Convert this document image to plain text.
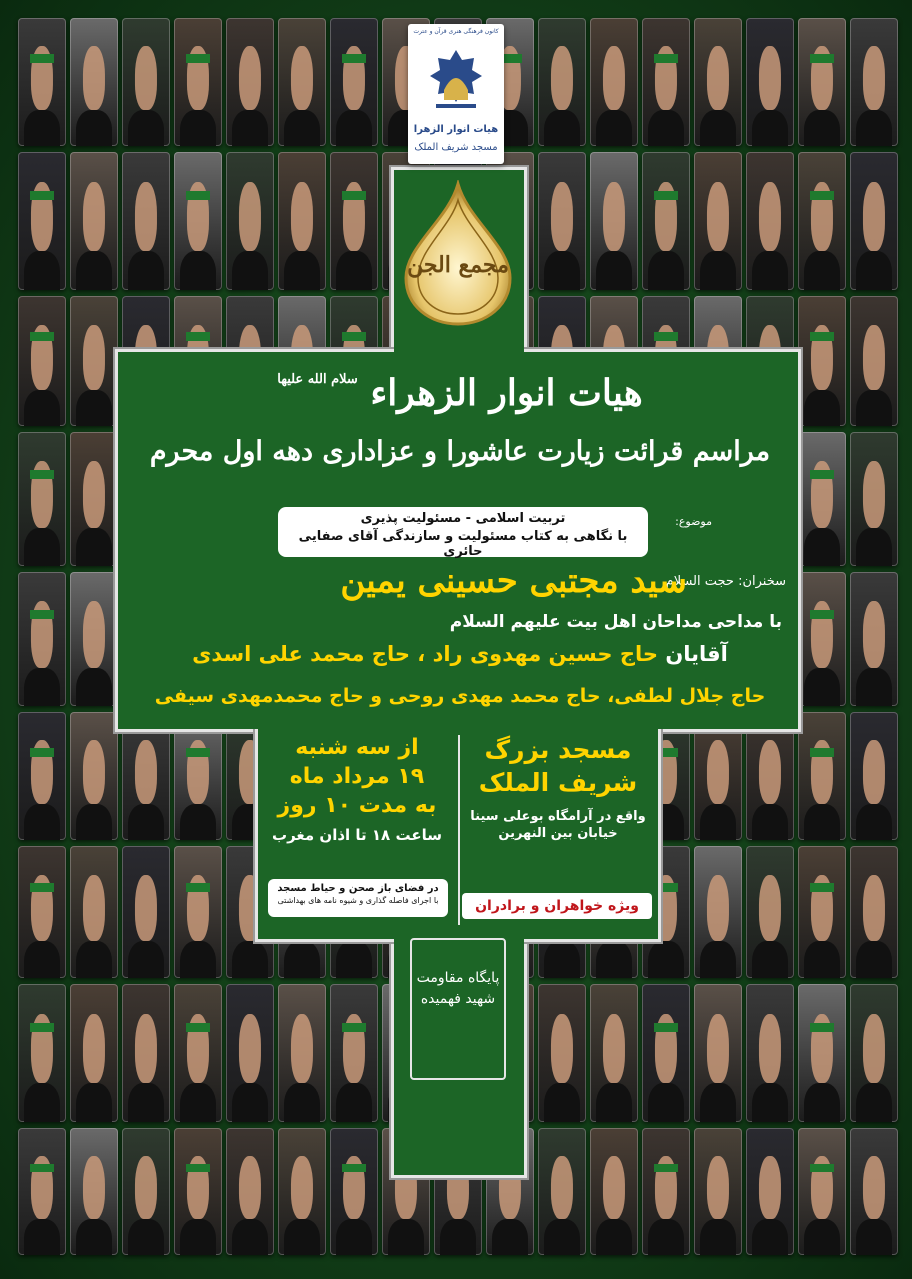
کانون فرهنگی هنری قرآن و عترت
هیات انوار الزهرا
مسجد شریف الملک
مجمع الجن
هیات انوار الزهراء $^{سلام الله علیها}$
مراسم قرائت زیارت عاشورا و عزاداری دهه اول محرم
موضوع:
تربیت اسلامی - مسئولیت پذیری
با نگاهی به کتاب مسئولیت و سازندگی آقای صفایی حائری
سخنران: حجت السلام
سید مجتبی حسینی یمین
با مداحی مداحان اهل بیت علیهم السلام
آقایان حاج حسین مهدوی راد ، حاج محمد علی اسدی
حاج جلال لطفی، حاج محمد مهدی روحی و حاج محمدمهدی سیفی
از سه شنبه
۱۹ مرداد ماه
به مدت ۱۰ روز
ساعت ۱۸ تا اذان مغرب
در فضای باز صحن و حیاط مسجد
با اجرای فاصله گذاری و شیوه نامه های بهداشتی
مسجد بزرگ
شریف الملک
واقع در آرامگاه بوعلی سینا
خیابان بین النهرین
ویژه خواهران و برادران
پایگاه مقاومت شهید فهمیده
